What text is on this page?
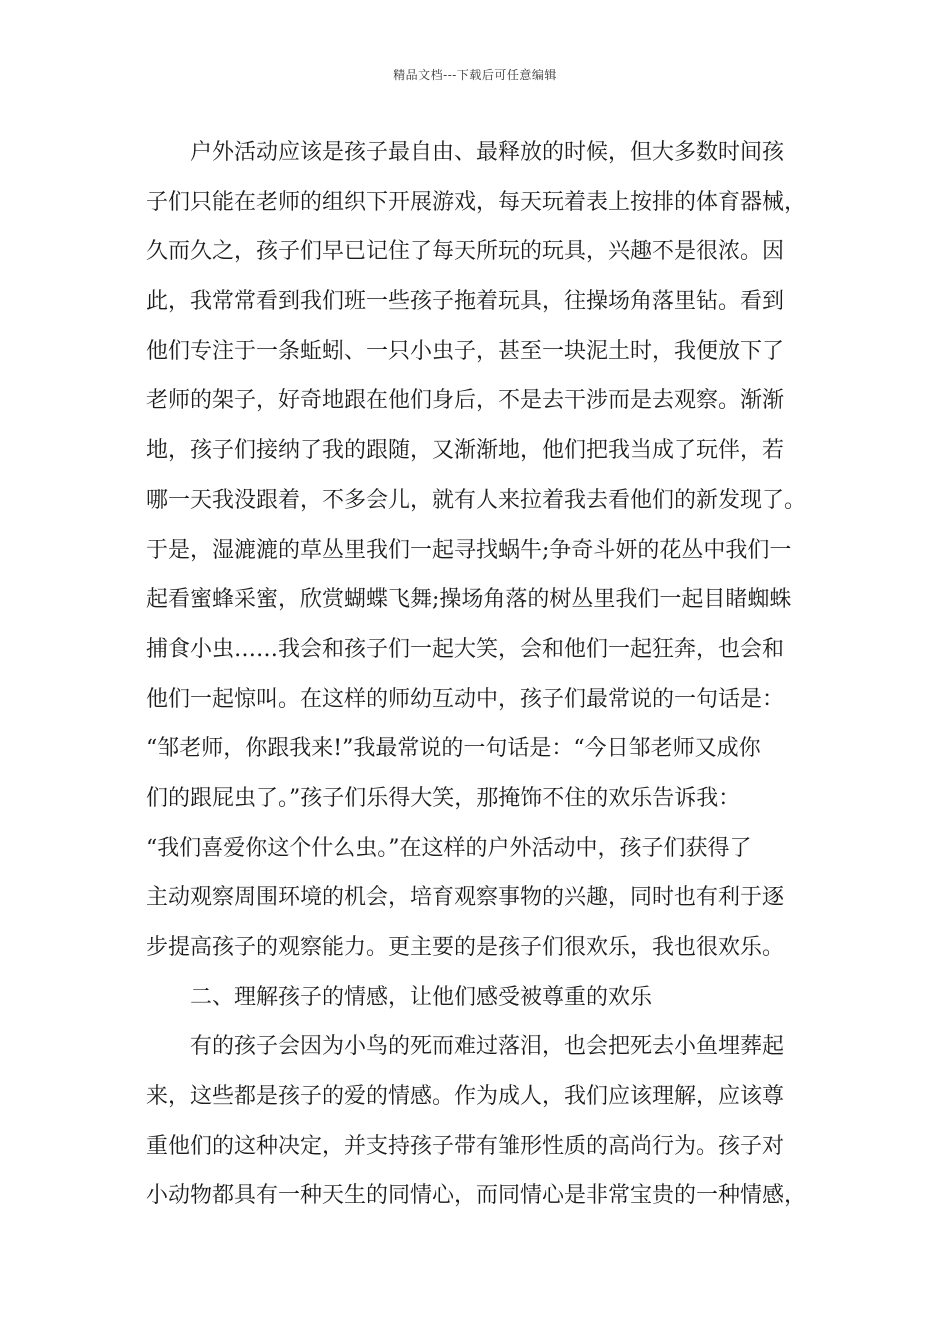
精品文档---下载后可任意编辑
户外活动应该是孩子最自由、最释放的时候，但大多数时间孩
子们只能在老师的组织下开展游戏，每天玩着表上按排的体育器械，
久而久之，孩子们早已记住了每天所玩的玩具，兴趣不是很浓。因
此，我常常看到我们班一些孩子拖着玩具，往操场角落里钻。看到
他们专注于一条蚯蚓、一只小虫子，甚至一块泥土时，我便放下了
老师的架子，好奇地跟在他们身后，不是去干涉而是去观察。渐渐
地，孩子们接纳了我的跟随，又渐渐地，他们把我当成了玩伴，若
哪一天我没跟着，不多会儿，就有人来拉着我去看他们的新发现了。
于是，湿漉漉的草丛里我们一起寻找蜗牛;争奇斗妍的花丛中我们一
起看蜜蜂采蜜，欣赏蝴蝶飞舞;操场角落的树丛里我们一起目睹蜘蛛
捕食小虫……我会和孩子们一起大笑，会和他们一起狂奔，也会和
他们一起惊叫。在这样的师幼互动中，孩子们最常说的一句话是：
“邹老师，你跟我来!”我最常说的一句话是：“今日邹老师又成你
们的跟屁虫了。”孩子们乐得大笑，那掩饰不住的欢乐告诉我：
“我们喜爱你这个什么虫。”在这样的户外活动中，孩子们获得了
主动观察周围环境的机会，培育观察事物的兴趣，同时也有利于逐
步提高孩子的观察能力。更主要的是孩子们很欢乐，我也很欢乐。
二、理解孩子的情感，让他们感受被尊重的欢乐
有的孩子会因为小鸟的死而难过落泪，也会把死去小鱼埋葬起
来，这些都是孩子的爱的情感。作为成人，我们应该理解，应该尊
重他们的这种决定，并支持孩子带有雏形性质的高尚行为。孩子对
小动物都具有一种天生的同情心，而同情心是非常宝贵的一种情感，
